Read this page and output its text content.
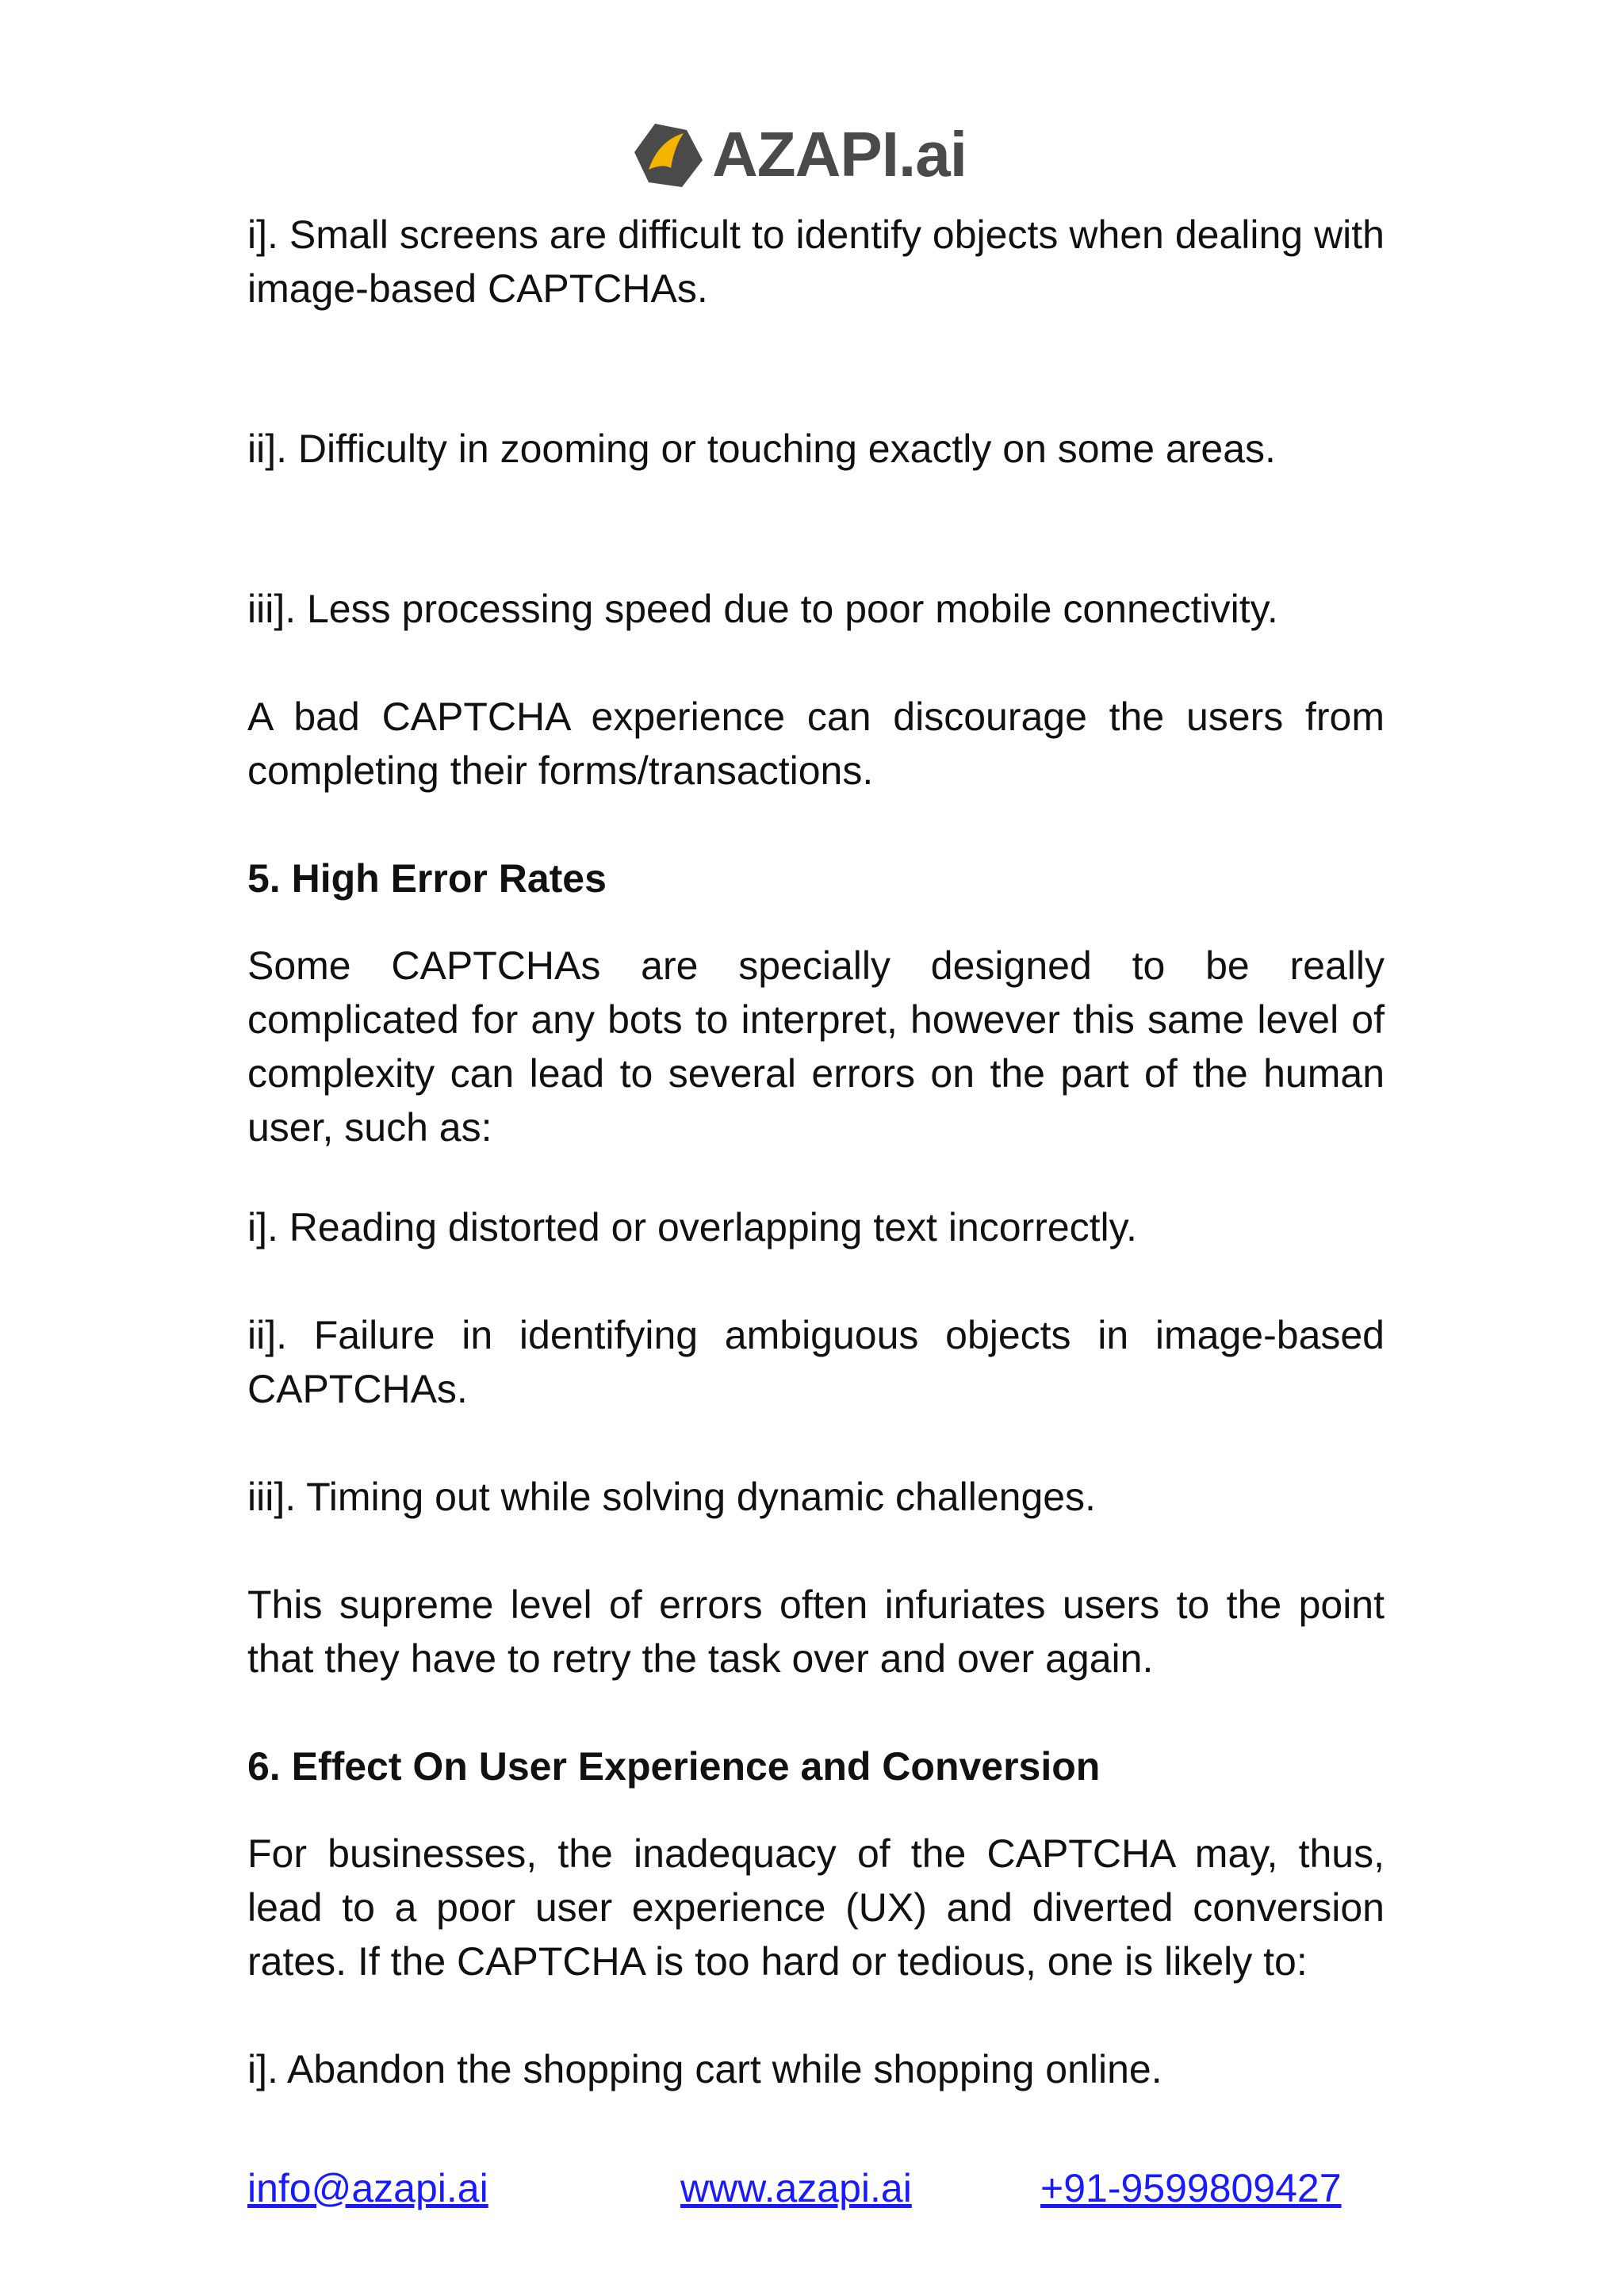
AZAPI.ai

i]. Small screens are difficult to identify objects when dealing with image-based CAPTCHAs.

ii]. Difficulty in zooming or touching exactly on some areas.

iii]. Less processing speed due to poor mobile connectivity.

A bad CAPTCHA experience can discourage the users from completing their forms/transactions.

5. High Error Rates

Some CAPTCHAs are specially designed to be really complicated for any bots to interpret, however this same level of complexity can lead to several errors on the part of the human user, such as:

i]. Reading distorted or overlapping text incorrectly.

ii]. Failure in identifying ambiguous objects in image-based CAPTCHAs.

iii]. Timing out while solving dynamic challenges.

This supreme level of errors often infuriates users to the point that they have to retry the task over and over again.

6. Effect On User Experience and Conversion

For businesses, the inadequacy of the CAPTCHA may, thus, lead to a poor user experience (UX) and diverted conversion rates. If the CAPTCHA is too hard or tedious, one is likely to:

i]. Abandon the shopping cart while shopping online.

info@azapi.ai	www.azapi.ai	+91-9599809427
